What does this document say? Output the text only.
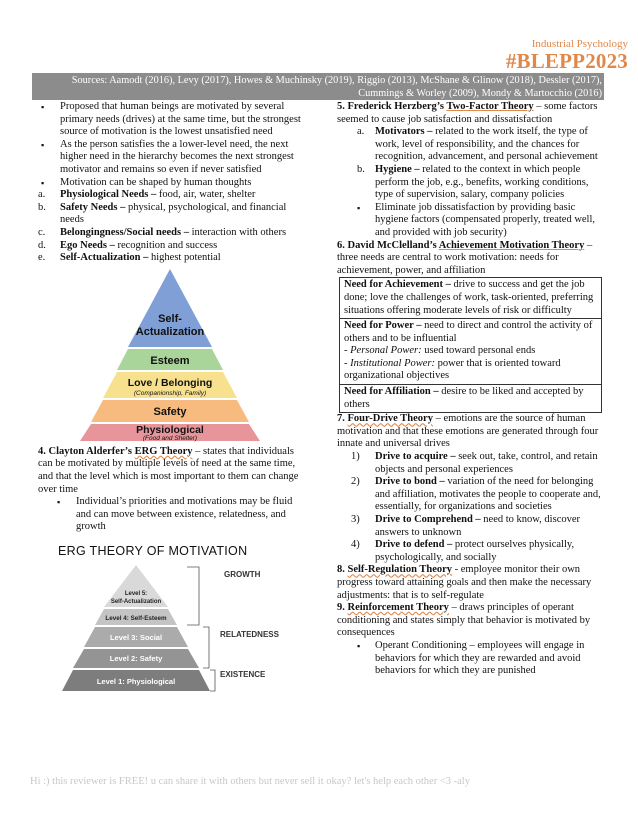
Industrial Psychology
#BLEPP2023
Sources: Aamodt (2016), Levy (2017), Howes & Muchinsky (2019), Riggio (2013), McShane & Glinow (2018), Dessler (2017), Cummings & Worley (2009), Mondy & Martocchio (2016)
▪ Proposed that human beings are motivated by several primary needs (drives) at the same time, but the strongest source of motivation is the lowest unsatisfied need
▪ As the person satisfies the a lower-level need, the next higher need in the hierarchy becomes the next strongest motivator and remains so even if never satisfied
▪ Motivation can be shaped by human thoughts
a.	Physiological Needs – food, air, water, shelter
b.	Safety Needs – physical, psychological, and financial needs
c.	Belongingness/Social needs – interaction with others
d.	Ego Needs – recognition and success
e.	Self-Actualization – highest potential
Self-
Actualization
Esteem
Love / Belonging
(Companionship, Family)
Safety
Physiological
(Food and Shelter)
4. Clayton Alderfer’s ERG Theory – states that individuals can be motivated by multiple levels of need at the same time, and that the level which is most important to them can change over time
▪ Individual’s priorities and motivations may be fluid and can move between existence, relatedness, and growth
ERG THEORY OF MOTIVATION
Level 5:
Self-Actualization
Level 4: Self-Esteem
Level 3: Social
Level 2: Safety
Level 1: Physiological
GROWTH
RELATEDNESS
EXISTENCE
5. Frederick Herzberg’s Two-Factor Theory – some factors seemed to cause job satisfaction and dissatisfaction
a. Motivators – related to the work itself, the type of work, level of responsibility, and the chances for recognition, advancement, and personal achievement
b. Hygiene – related to the context in which people perform the job, e.g., benefits, working conditions, type of supervision, salary, company policies
▪ Eliminate job dissatisfaction by providing basic hygiene factors (compensated properly, treated well, and provided with job security)
6. David McClelland’s Achievement Motivation Theory – three needs are central to work motivation: needs for achievement, power, and affiliation
Need for Achievement – drive to success and get the job done; love the challenges of work, task-oriented, preferring situations offering moderate levels of risk or difficulty
Need for Power – need to direct and control the activity of others and to be influential
- Personal Power: used toward personal ends
- Institutional Power: power that is oriented toward organizational objectives
Need for Affiliation – desire to be liked and accepted by others
7. Four-Drive Theory – emotions are the source of human motivation and that these emotions are generated through four innate and universal drives
1) Drive to acquire – seek out, take, control, and retain objects and personal experiences
2) Drive to bond – variation of the need for belonging and affiliation, motivates the people to cooperate and, essentially, for organizations and societies
3) Drive to Comprehend – need to know, discover answers to unknown
4) Drive to defend – protect ourselves physically, psychologically, and socially
8. Self-Regulation Theory - employee monitor their own progress toward attaining goals and then make the necessary adjustments: that is to self-regulate
9. Reinforcement Theory – draws principles of operant conditioning and states simply that behavior is motivated by consequences
▪ Operant Conditioning – employees will engage in behaviors for which they are rewarded and avoid behaviors for which they are punished
Hi :) this reviewer is FREE! u can share it with others but never sell it okay? let's help each other <3 -aly
